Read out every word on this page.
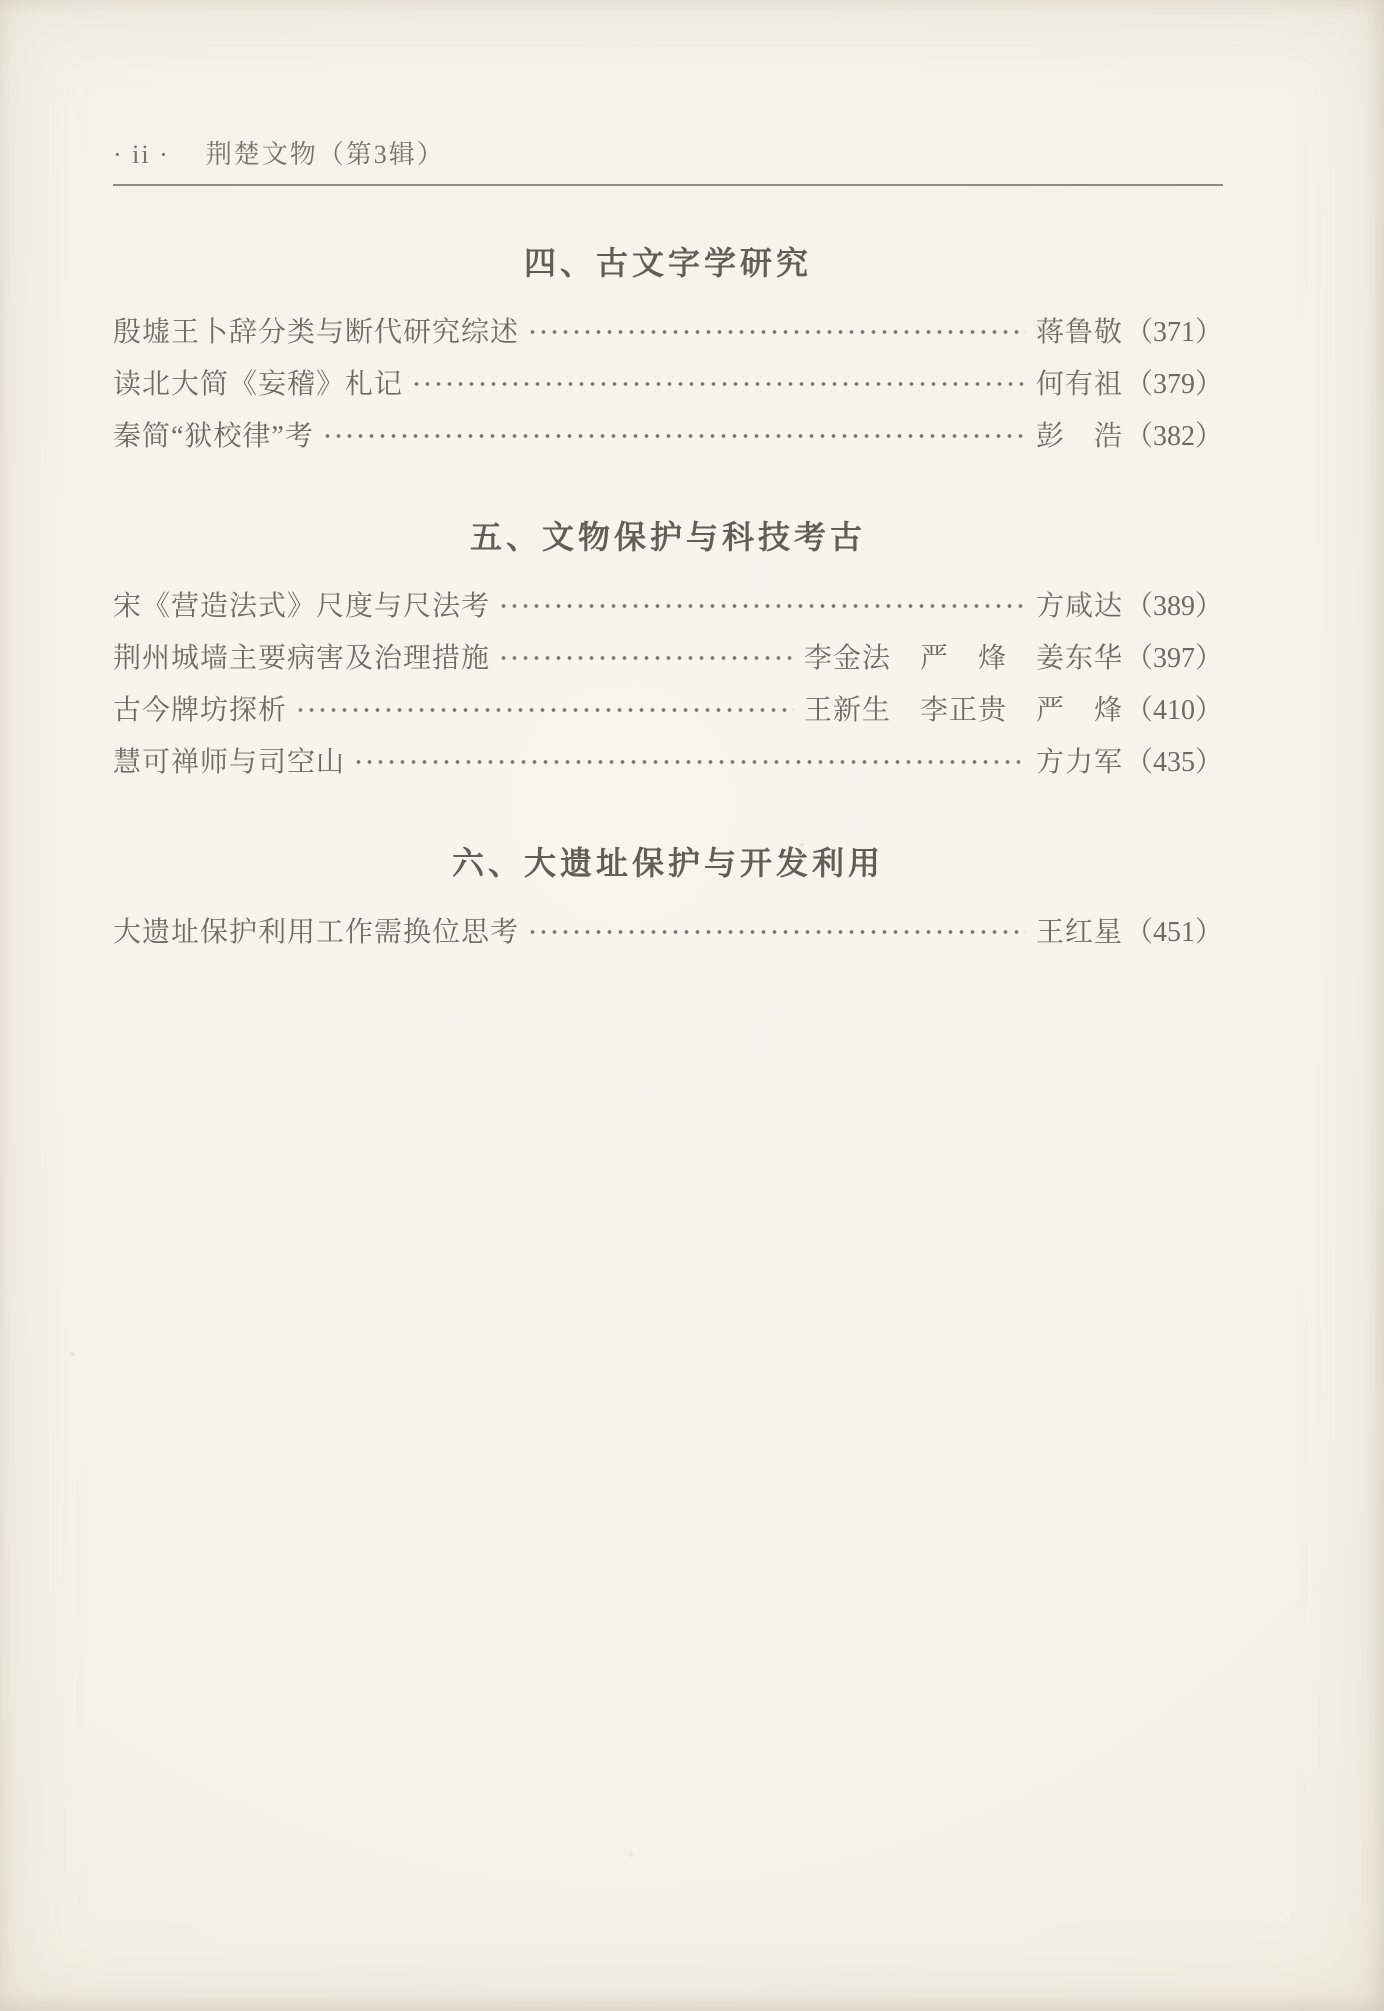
· ii · 荆楚文物（第3辑）
四、古文字学研究
殷墟王卜辞分类与断代研究综述	蒋鲁敬 （371）
读北大简《妄稽》札记	何有祖 （379）
秦简“狱校律”考	彭　浩 （382）
五、文物保护与科技考古
宋《营造法式》尺度与尺法考	方咸达 （389）
荆州城墙主要病害及治理措施	李金法　严　烽　姜东华 （397）
古今牌坊探析	王新生　李正贵　严　烽 （410）
慧可禅师与司空山	方力军 （435）
六、大遗址保护与开发利用
大遗址保护利用工作需换位思考	王红星 （451）
